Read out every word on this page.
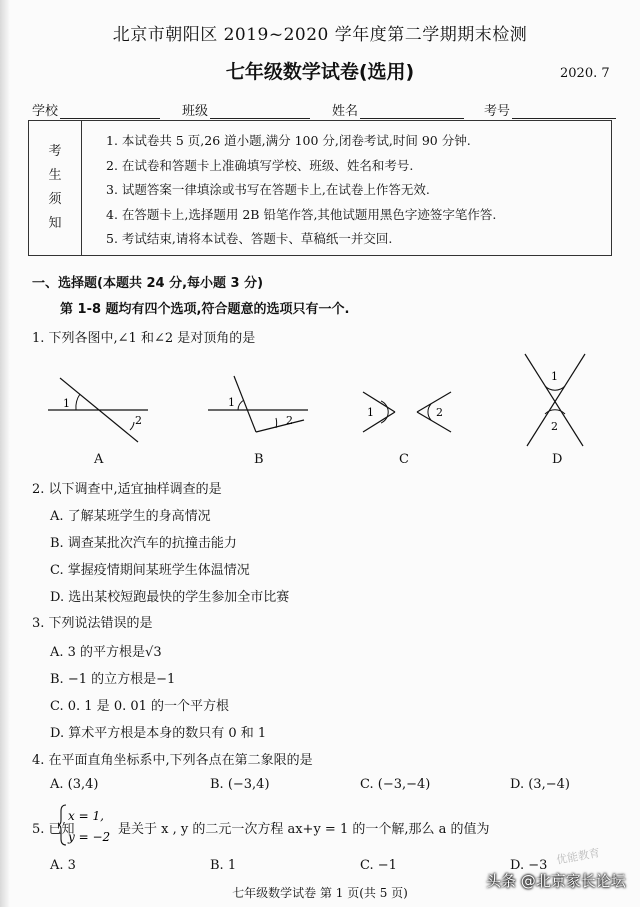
北京市朝阳区 2019~2020 学年度第二学期期末检测
七年级数学试卷(选用)	2020. 7
学校	班级	姓名	考号
考
生
须
知
1. 本试卷共 5 页,26 道小题,满分 100 分,闭卷考试,时间 90 分钟.
2. 在试卷和答题卡上准确填写学校、班级、姓名和考号.
3. 试题答案一律填涂或书写在答题卡上,在试卷上作答无效.
4. 在答题卡上,选择题用 2B 铅笔作答,其他试题用黑色字迹签字笔作答.
5. 考试结束,请将本试卷、答题卡、草稿纸一并交回.
一、选择题(本题共 24 分,每小题 3 分)
第 1-8 题均有四个选项,符合题意的选项只有一个.
1. 下列各图中,∠1 和∠2 是对顶角的是
1
2
1
2
1	2
1
2
A	B	C	D
2. 以下调查中,适宜抽样调查的是
A. 了解某班学生的身高情况
B. 调查某批次汽车的抗撞击能力
C. 掌握疫情期间某班学生体温情况
D. 选出某校短跑最快的学生参加全市比赛
3. 下列说法错误的是
A. 3 的平方根是√3
B. −1 的立方根是−1
C. 0. 1 是 0. 01 的一个平方根
D. 算术平方根是本身的数只有 0 和 1
4. 在平面直角坐标系中,下列各点在第二象限的是
A. (3,4)	B. (−3,4)	C. (−3,−4)	D. (3,−4)
5. 已知
x = 1,
y = −2 是关于 x , y 的二元一次方程 ax+y = 1 的一个解,那么 a 的值为
A. 3	B. 1	C. −1	D. −3
七年级数学试卷 第 1 页(共 5 页)
优能教育
头条 @北京家长论坛
